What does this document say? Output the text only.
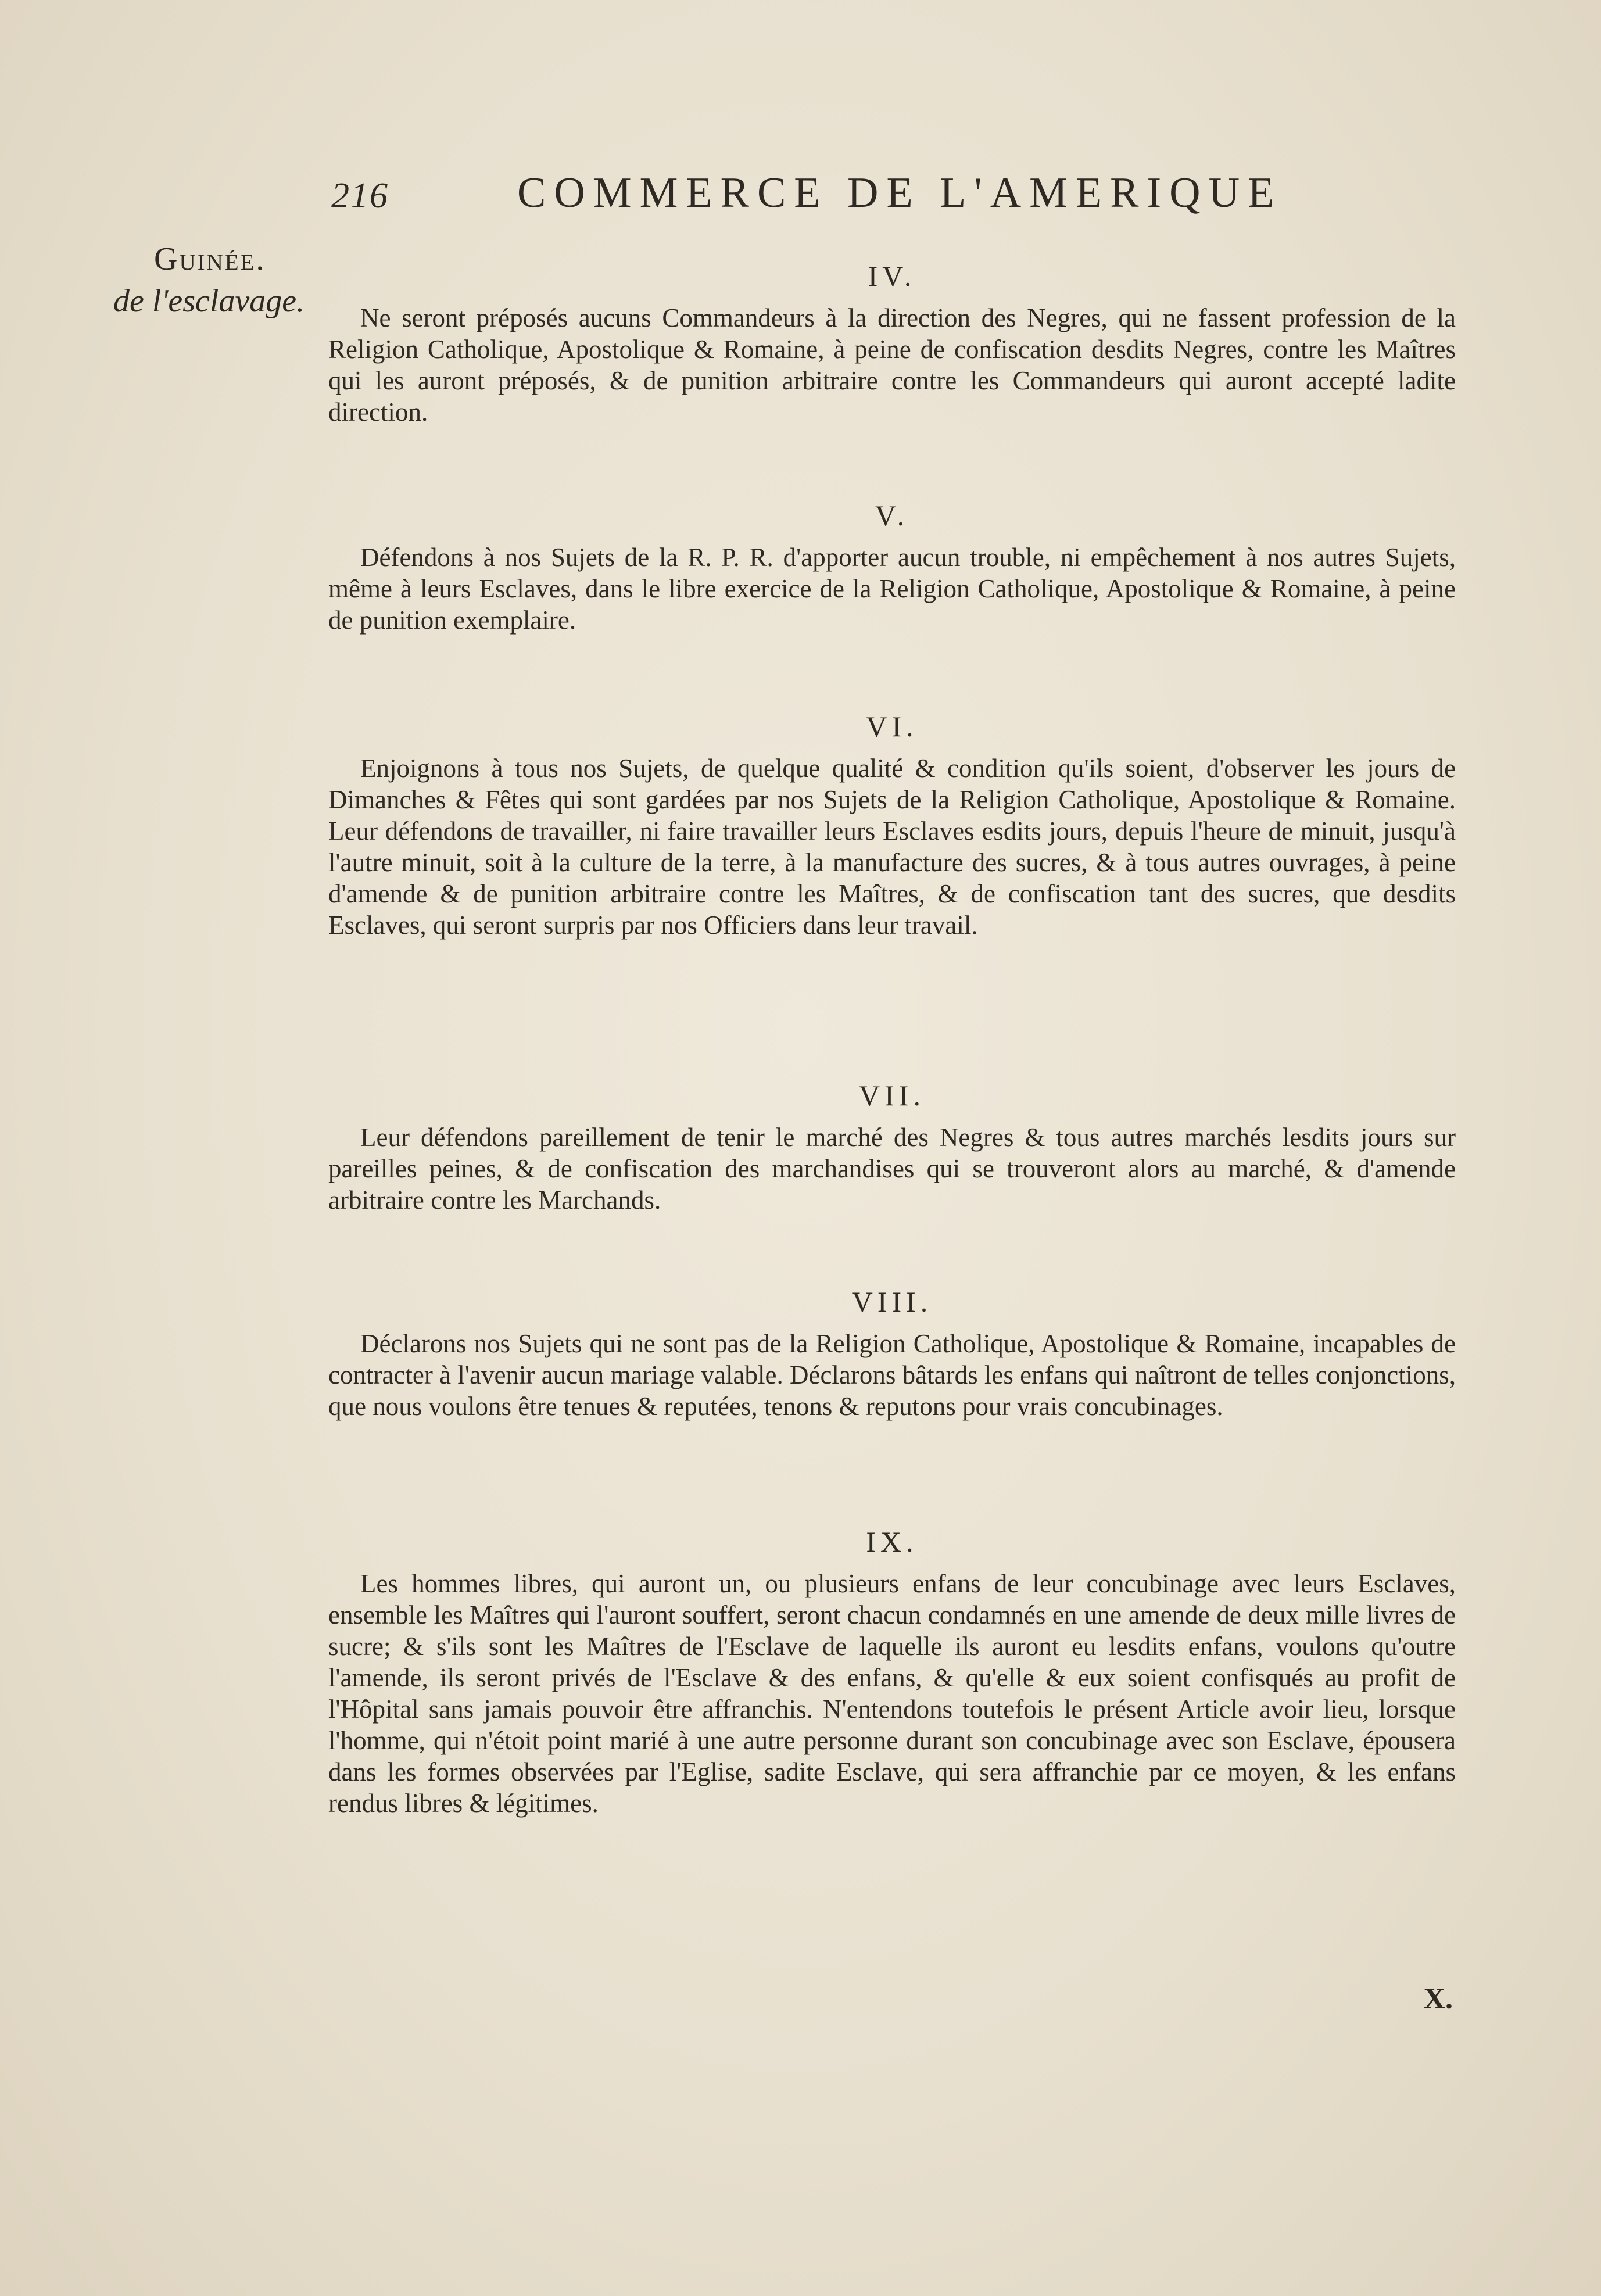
216	COMMERCE DE L'AMERIQUE
Guinée.
de l'esclavage.
IV.

Ne seront préposés aucuns Commandeurs à la direction des Negres, qui ne fassent profession de la Religion Catholique, Apostolique & Romaine, à peine de confiscation desdits Negres, contre les Maîtres qui les auront préposés, & de punition arbitraire contre les Commandeurs qui auront accepté ladite direction.

V.

Défendons à nos Sujets de la R. P. R. d'apporter aucun trouble, ni empêchement à nos autres Sujets, même à leurs Esclaves, dans le libre exercice de la Religion Catholique, Apostolique & Romaine, à peine de punition exemplaire.

VI.

Enjoignons à tous nos Sujets, de quelque qualité & condition qu'ils soient, d'observer les jours de Dimanches & Fêtes qui sont gardées par nos Sujets de la Religion Catholique, Apostolique & Romaine. Leur défendons de travailler, ni faire travailler leurs Esclaves esdits jours, depuis l'heure de minuit, jusqu'à l'autre minuit, soit à la culture de la terre, à la manufacture des sucres, & à tous autres ouvrages, à peine d'amende & de punition arbitraire contre les Maîtres, & de confiscation tant des sucres, que desdits Esclaves, qui seront surpris par nos Officiers dans leur travail.

VII.

Leur défendons pareillement de tenir le marché des Negres & tous autres marchés lesdits jours sur pareilles peines, & de confiscation des marchandises qui se trouveront alors au marché, & d'amende arbitraire contre les Marchands.

VIII.

Déclarons nos Sujets qui ne sont pas de la Religion Catholique, Apostolique & Romaine, incapables de contracter à l'avenir aucun mariage valable. Déclarons bâtards les enfans qui naîtront de telles conjonctions, que nous voulons être tenues & reputées, tenons & reputons pour vrais concubinages.

IX.

Les hommes libres, qui auront un, ou plusieurs enfans de leur concubinage avec leurs Esclaves, ensemble les Maîtres qui l'auront souffert, seront chacun condamnés en une amende de deux mille livres de sucre; & s'ils sont les Maîtres de l'Esclave de laquelle ils auront eu lesdits enfans, voulons qu'outre l'amende, ils seront privés de l'Esclave & des enfans, & qu'elle & eux soient confisqués au profit de l'Hôpital sans jamais pouvoir être affranchis. N'entendons toutefois le présent Article avoir lieu, lorsque l'homme, qui n'étoit point marié à une autre personne durant son concubinage avec son Esclave, épousera dans les formes observées par l'Eglise, sadite Esclave, qui sera affranchie par ce moyen, & les enfans rendus libres & légitimes.

X.
